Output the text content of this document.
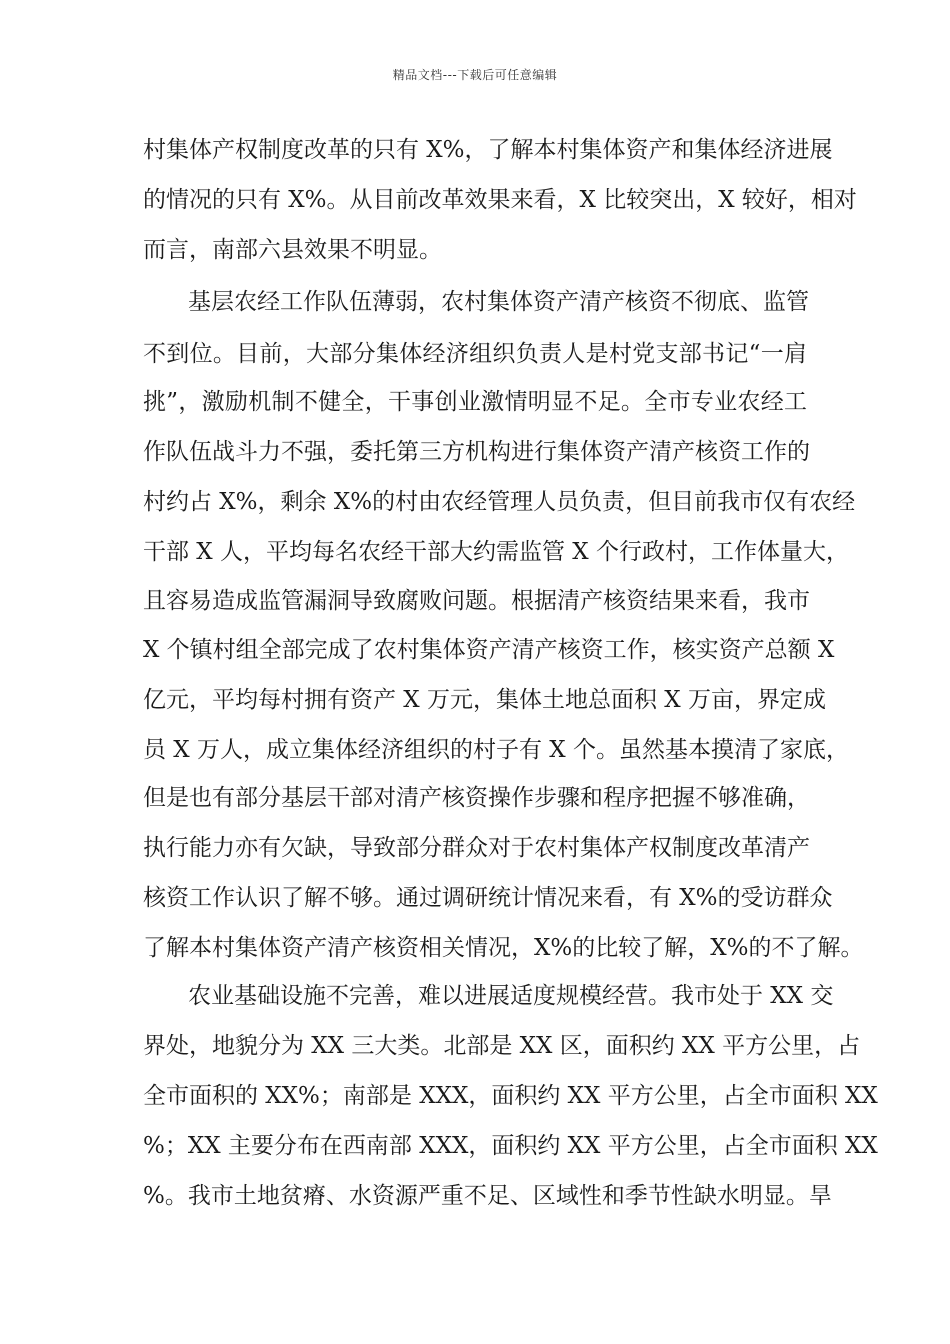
精品文档---下载后可任意编辑
村集体产权制度改革的只有 X%，了解本村集体资产和集体经济进展
的情况的只有 X%。从目前改革效果来看，X 比较突出，X 较好，相对
而言，南部六县效果不明显。
基层农经工作队伍薄弱，农村集体资产清产核资不彻底、监管
不到位。目前，大部分集体经济组织负责人是村党支部书记“一肩
挑”，激励机制不健全，干事创业激情明显不足。全市专业农经工
作队伍战斗力不强，委托第三方机构进行集体资产清产核资工作的
村约占 X%，剩余 X%的村由农经管理人员负责，但目前我市仅有农经
干部 X 人，平均每名农经干部大约需监管 X 个行政村，工作体量大，
且容易造成监管漏洞导致腐败问题。根据清产核资结果来看，我市
X 个镇村组全部完成了农村集体资产清产核资工作，核实资产总额 X
亿元，平均每村拥有资产 X 万元，集体土地总面积 X 万亩，界定成
员 X 万人，成立集体经济组织的村子有 X 个。虽然基本摸清了家底，
但是也有部分基层干部对清产核资操作步骤和程序把握不够准确，
执行能力亦有欠缺，导致部分群众对于农村集体产权制度改革清产
核资工作认识了解不够。通过调研统计情况来看，有 X%的受访群众
了解本村集体资产清产核资相关情况，X%的比较了解，X%的不了解。
农业基础设施不完善，难以进展适度规模经营。我市处于 XX 交
界处，地貌分为 XX 三大类。北部是 XX 区，面积约 XX 平方公里，占
全市面积的 XX%；南部是 XXX，面积约 XX 平方公里，占全市面积 XX
%；XX 主要分布在西南部 XXX，面积约 XX 平方公里，占全市面积 XX
%。我市土地贫瘠、水资源严重不足、区域性和季节性缺水明显。旱
